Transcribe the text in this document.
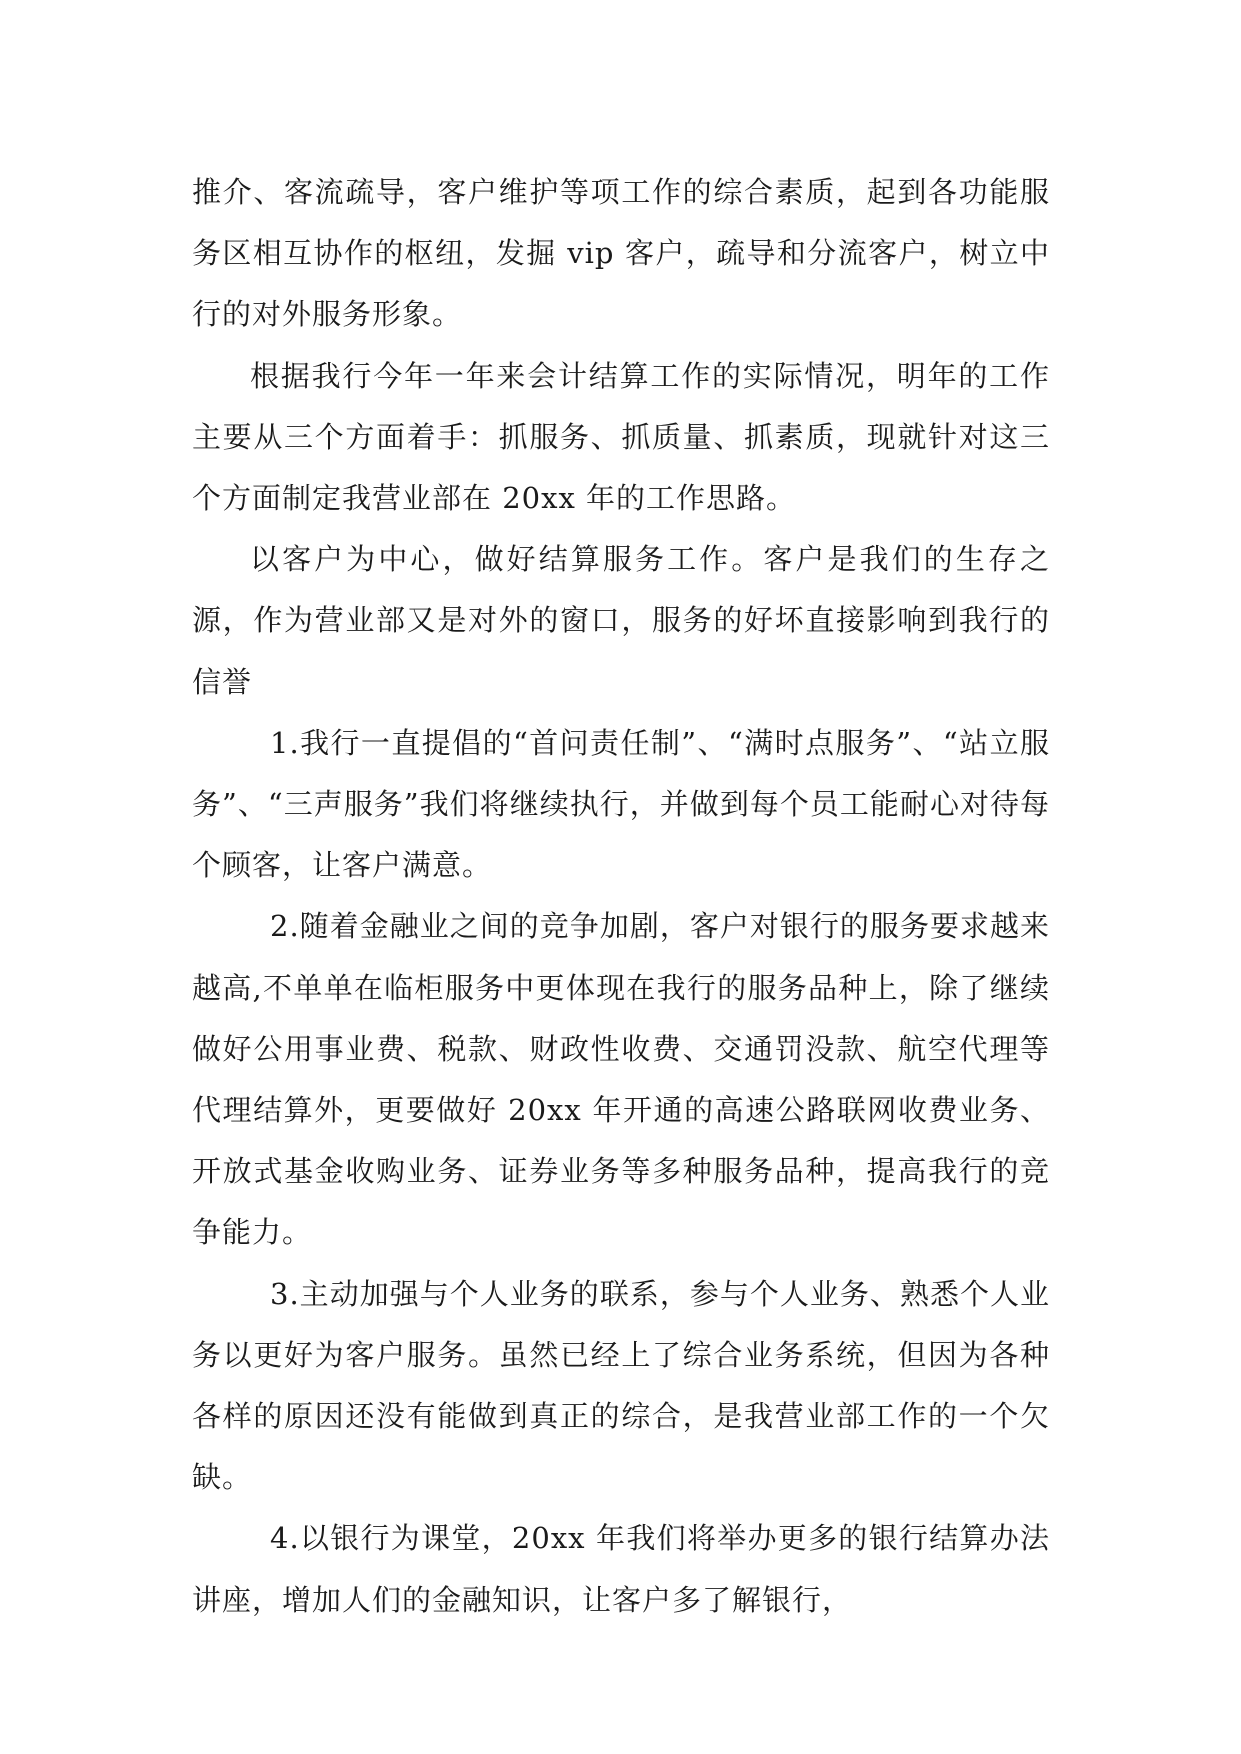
推介、客流疏导，客户维护等项工作的综合素质，起到各功能服务区相互协作的枢纽，发掘 vip 客户，疏导和分流客户，树立中行的对外服务形象。

根据我行今年一年来会计结算工作的实际情况，明年的工作主要从三个方面着手：抓服务、抓质量、抓素质，现就针对这三个方面制定我营业部在 20xx 年的工作思路。

以客户为中心，做好结算服务工作。客户是我们的生存之源，作为营业部又是对外的窗口，服务的好坏直接影响到我行的信誉

1.我行一直提倡的“首问责任制”、“满时点服务”、“站立服务”、“三声服务”我们将继续执行，并做到每个员工能耐心对待每个顾客，让客户满意。

2.随着金融业之间的竞争加剧，客户对银行的服务要求越来越高,不单单在临柜服务中更体现在我行的服务品种上，除了继续做好公用事业费、税款、财政性收费、交通罚没款、航空代理等代理结算外，更要做好 20xx 年开通的高速公路联网收费业务、开放式基金收购业务、证券业务等多种服务品种，提高我行的竞争能力。

3.主动加强与个人业务的联系，参与个人业务、熟悉个人业务以更好为客户服务。虽然已经上了综合业务系统，但因为各种各样的原因还没有能做到真正的综合，是我营业部工作的一个欠缺。

4.以银行为课堂，20xx 年我们将举办更多的银行结算办法讲座，增加人们的金融知识，让客户多了解银行，
